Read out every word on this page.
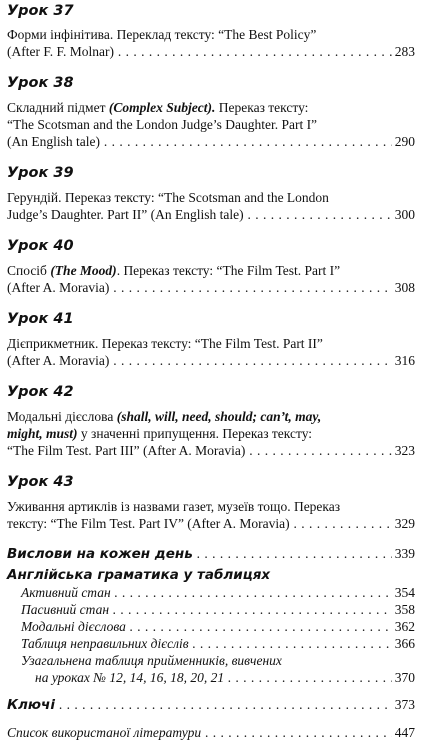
Урок 37
Форми інфінітива. Переклад тексту: “The Best Policy”
(After F. F. Molnar) . . .	283
Урок 38
Складний підмет (Complex Subject). Переказ тексту:
“The Scotsman and the London Judge’s Daughter. Part I”
(An English tale) . . .	290
Урок 39
Герундій. Переказ тексту: “The Scotsman and the London
Judge’s Daughter. Part II” (An English tale) . . .	300
Урок 40
Спосіб (The Mood). Переказ тексту: “The Film Test. Part I”
(After A. Moravia) . . .	308
Урок 41
Дієприкметник. Переказ тексту: “The Film Test. Part II”
(After A. Moravia) . . .	316
Урок 42
Модальні дієслова (shall, will, need, should; can’t, may,
might, must) у значенні припущення. Переказ тексту:
“The Film Test. Part III” (After A. Moravia) . . .	323
Урок 43
Уживання артиклів із назвами газет, музеїв тощо. Переказ
тексту: “The Film Test. Part IV” (After A. Moravia) . . .	329
Вислови на кожен день . . .	339
Англійська граматика у таблицях
Активний стан . . .	354
Пасивний стан . . .	358
Модальні дієслова . . .	362
Таблиця неправильних дієслів . . .	366
Узагальнена таблиця прийменників, вивчених
на уроках № 12, 14, 16, 18, 20, 21 . . .	370
Ключі . . .	373
Список використаної літератури . . .	447
